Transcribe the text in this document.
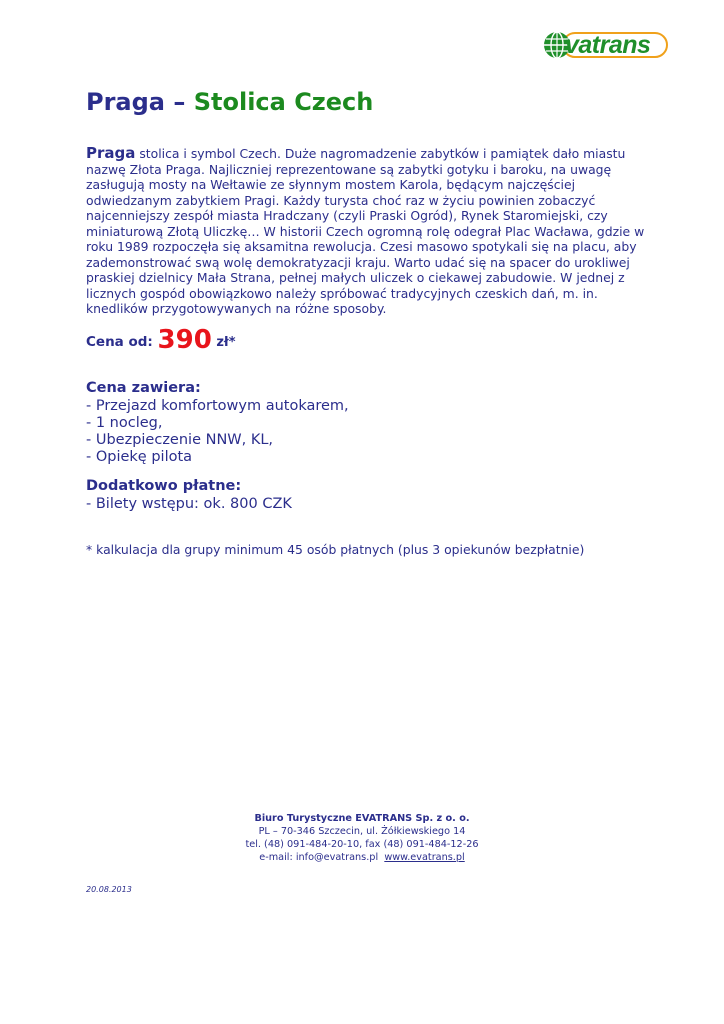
vatrans
Praga – Stolica Czech

Praga stolica i symbol Czech. Duże nagromadzenie zabytków i pamiątek dało miastu nazwę Złota Praga. Najliczniej reprezentowane są zabytki gotyku i baroku, na uwagę zasługują mosty na Wełtawie ze słynnym mostem Karola, będącym najczęściej odwiedzanym zabytkiem Pragi. Każdy turysta choć raz w życiu powinien zobaczyć najcenniejszy zespół miasta Hradczany (czyli Praski Ogród), Rynek Staromiejski, czy miniaturową Złotą Uliczkę… W historii Czech ogromną rolę odegrał Plac Wacława, gdzie w roku 1989 rozpoczęła się aksamitna rewolucja. Czesi masowo spotykali się na placu, aby zademonstrować swą wolę demokratyzacji kraju. Warto udać się na spacer do urokliwej praskiej dzielnicy Mała Strana, pełnej małych uliczek o ciekawej zabudowie. W jednej z licznych gospód obowiązkowo należy spróbować tradycyjnych czeskich dań, m. in. knedlików przygotowywanych na różne sposoby.

Cena od: 390 zł*
Cena zawiera:
- Przejazd komfortowym autokarem,
- 1 nocleg,
- Ubezpieczenie NNW, KL,
- Opiekę pilota
Dodatkowo płatne:
- Bilety wstępu: ok. 800 CZK
* kalkulacja dla grupy minimum 45 osób płatnych (plus 3 opiekunów bezpłatnie)
Biuro Turystyczne EVATRANS Sp. z o. o.
PL – 70-346 Szczecin, ul. Żółkiewskiego 14
tel. (48) 091-484-20-10, fax (48) 091-484-12-26
e-mail: info@evatrans.pl www.evatrans.pl
20.08.2013
